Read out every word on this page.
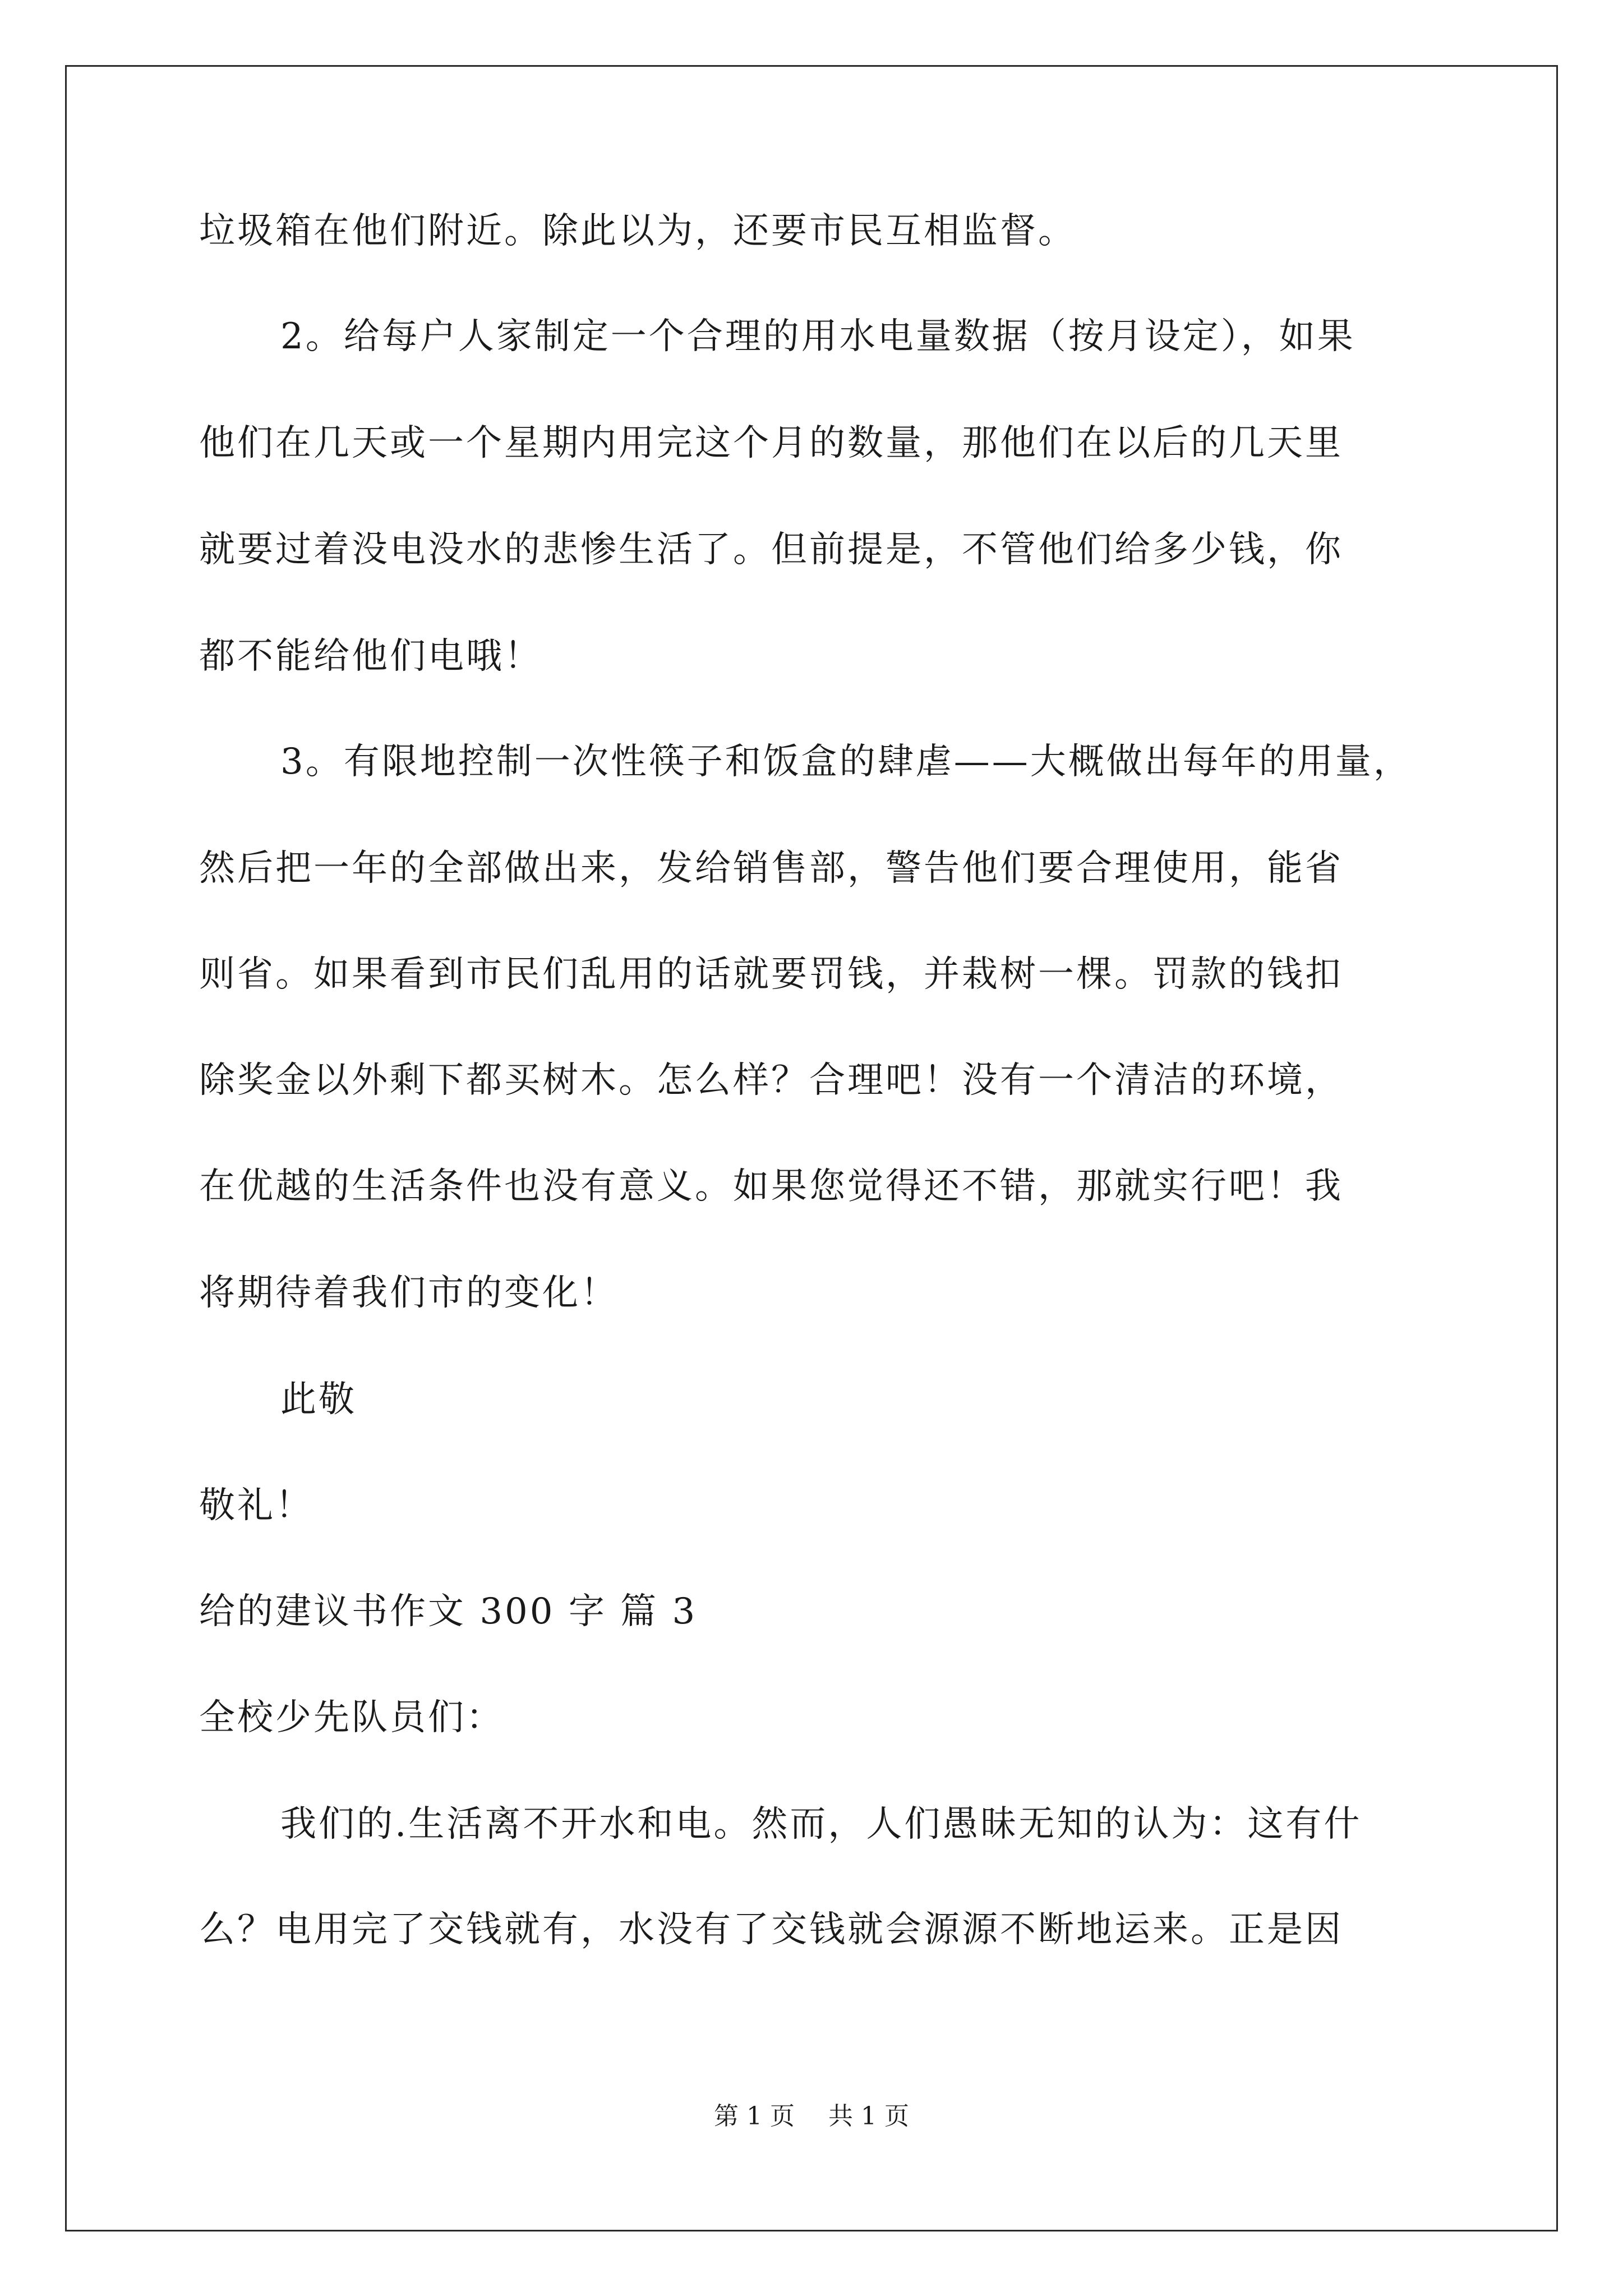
垃圾箱在他们附近。除此以为，还要市民互相监督。
2。给每户人家制定一个合理的用水电量数据（按月设定），如果
他们在几天或一个星期内用完这个月的数量，那他们在以后的几天里
就要过着没电没水的悲惨生活了。但前提是，不管他们给多少钱，你
都不能给他们电哦！
3。有限地控制一次性筷子和饭盒的肆虐——大概做出每年的用量，
然后把一年的全部做出来，发给销售部，警告他们要合理使用，能省
则省。如果看到市民们乱用的话就要罚钱，并栽树一棵。罚款的钱扣
除奖金以外剩下都买树木。怎么样？合理吧！没有一个清洁的环境，
在优越的生活条件也没有意义。如果您觉得还不错，那就实行吧！我
将期待着我们市的变化！
此敬
敬礼！
给的建议书作文 300 字 篇 3
全校少先队员们：
我们的.生活离不开水和电。然而，人们愚昧无知的认为：这有什
么？电用完了交钱就有，水没有了交钱就会源源不断地运来。正是因
第 1 页 共 1 页
